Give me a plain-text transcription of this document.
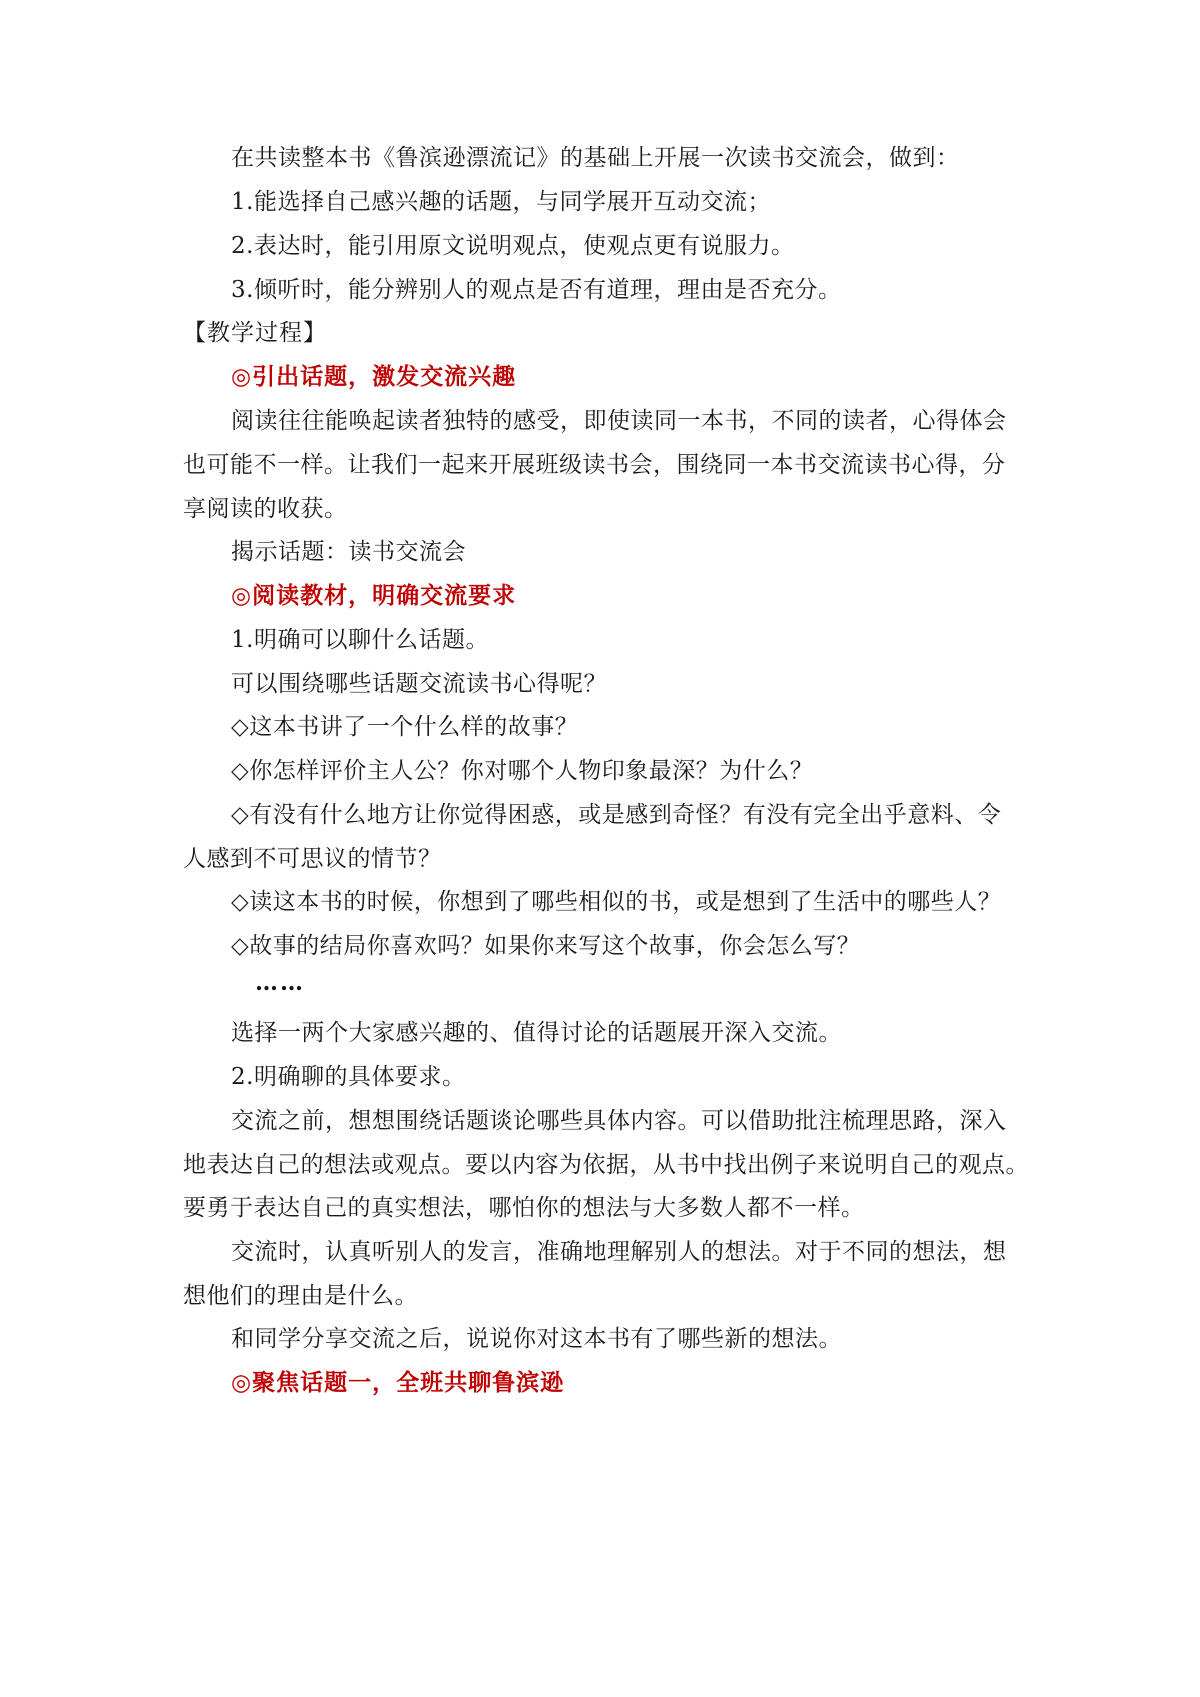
在共读整本书《鲁滨逊漂流记》的基础上开展一次读书交流会，做到：
1.能选择自己感兴趣的话题，与同学展开互动交流；
2.表达时，能引用原文说明观点，使观点更有说服力。
3.倾听时，能分辨别人的观点是否有道理，理由是否充分。
【教学过程】
◎引出话题，激发交流兴趣
阅读往往能唤起读者独特的感受，即使读同一本书，不同的读者，心得体会
也可能不一样。让我们一起来开展班级读书会，围绕同一本书交流读书心得，分
享阅读的收获。
揭示话题：读书交流会
◎阅读教材，明确交流要求
1.明确可以聊什么话题。
可以围绕哪些话题交流读书心得呢？
◇这本书讲了一个什么样的故事？
◇你怎样评价主人公？你对哪个人物印象最深？为什么？
◇有没有什么地方让你觉得困惑，或是感到奇怪？有没有完全出乎意料、令
人感到不可思议的情节？
◇读这本书的时候，你想到了哪些相似的书，或是想到了生活中的哪些人？
◇故事的结局你喜欢吗？如果你来写这个故事，你会怎么写？
……
选择一两个大家感兴趣的、值得讨论的话题展开深入交流。
2.明确聊的具体要求。
交流之前，想想围绕话题谈论哪些具体内容。可以借助批注梳理思路，深入
地表达自己的想法或观点。要以内容为依据，从书中找出例子来说明自己的观点。
要勇于表达自己的真实想法，哪怕你的想法与大多数人都不一样。
交流时，认真听别人的发言，准确地理解别人的想法。对于不同的想法，想
想他们的理由是什么。
和同学分享交流之后，说说你对这本书有了哪些新的想法。
◎聚焦话题一，全班共聊鲁滨逊
